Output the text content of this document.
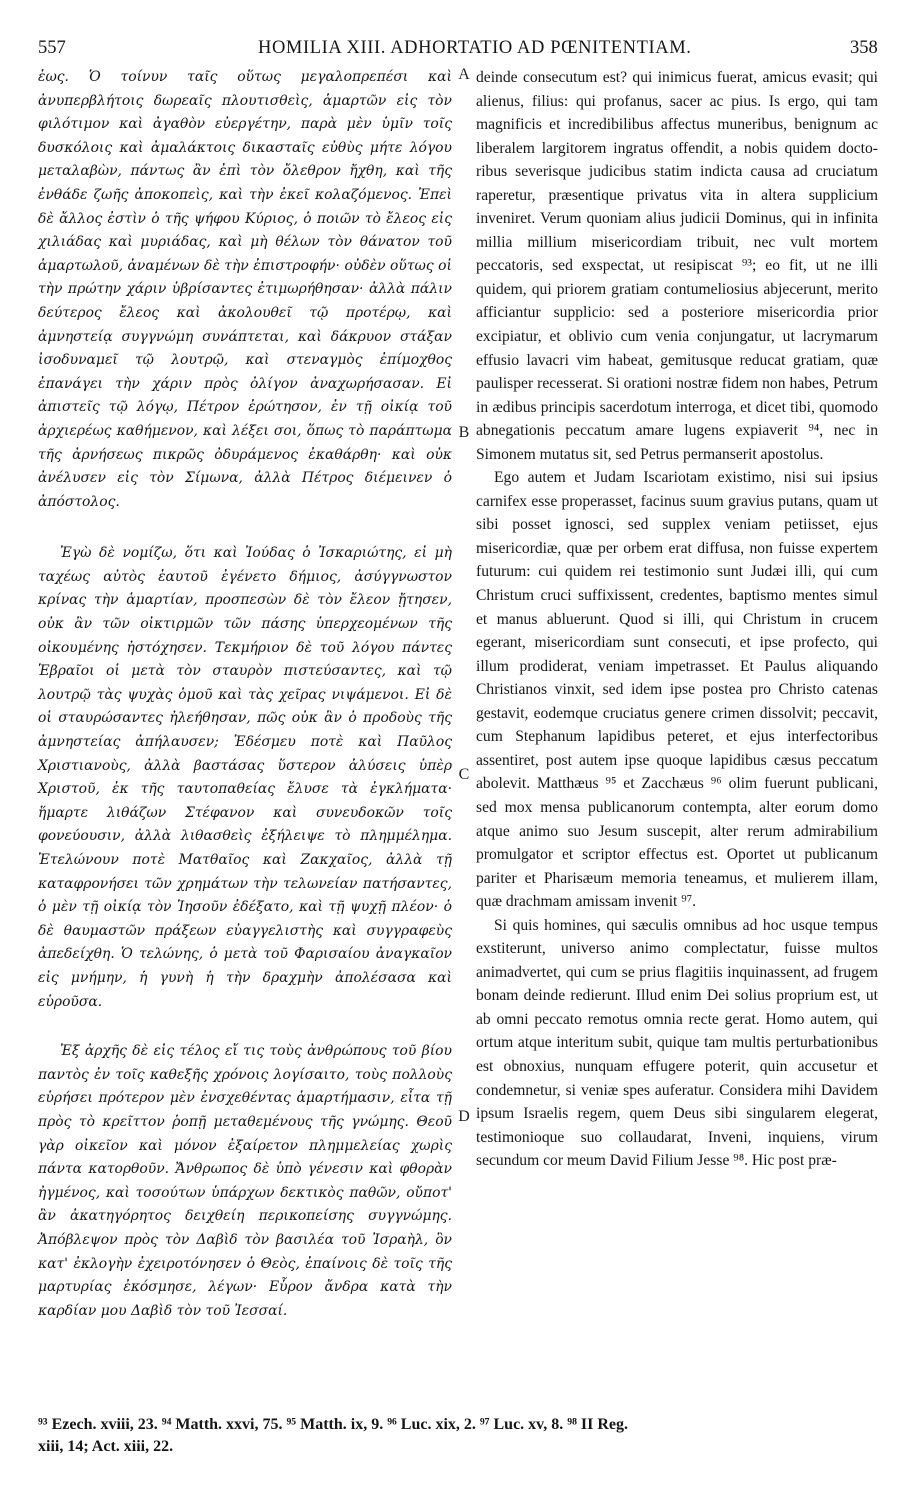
557	HOMILIA XIII. ADHORTATIO AD PŒNITENTIAM.	358

ἑως. Ὁ τοίνυν ταῖς οὕτως μεγαλοπρεπέσι καὶ ἀνυπερβλήτοις δωρεαῖς πλουτισθεὶς, ἁμαρτῶν εἰς τὸν φιλότιμον καὶ ἀγαθὸν εὐεργέτην, παρὰ μὲν ὑμῖν τοῖς δυσκόλοις καὶ ἀμαλάκτοις δικασταῖς εὐθὺς μήτε λόγου μεταλαβὼν, πάντως ἂν ἐπὶ τὸν ὄλεθρον ἤχθη, καὶ τῆς ἐνθάδε ζωῆς ἀποκοπεὶς, καὶ τὴν ἐκεῖ κολαζόμενος. Ἐπεὶ δὲ ἄλλος ἐστὶν ὁ τῆς ψήφου Κύριος, ὁ ποιῶν τὸ ἔλεος εἰς χιλιάδας καὶ μυριάδας, καὶ μὴ θέλων τὸν θάνατον τοῦ ἁμαρτωλοῦ, ἀναμένων δὲ τὴν ἐπιστροφήν· οὐδὲν οὕτως οἱ τὴν πρώτην χάριν ὑβρίσαντες ἐτιμωρήθησαν· ἀλλὰ πάλιν δεύτερος ἔλεος καὶ ἀκολουθεῖ τῷ προτέρῳ, καὶ ἀμνηστείᾳ συγγνώμη συνάπτεται, καὶ δάκρυον στάξαν ἰσοδυναμεῖ τῷ λουτρῷ, καὶ στεναγμὸς ἐπίμοχθος ἐπανάγει τὴν χάριν πρὸς ὀλίγον ἀναχωρήσασαν. Εἰ ἀπιστεῖς τῷ λόγῳ, Πέτρον ἐρώτησον, ἐν τῇ οἰκίᾳ τοῦ ἀρχιερέως καθήμενον, καὶ λέξει σοι, ὅπως τὸ παράπτωμα τῆς ἀρνήσεως πικρῶς ὀδυράμενος ἐκαθάρθη· καὶ οὐκ ἀνέλυσεν εἰς τὸν Σίμωνα, ἀλλὰ Πέτρος διέμεινεν ὁ ἀπόστολος.

Ἐγὼ δὲ νομίζω, ὅτι καὶ Ἰούδας ὁ Ἰσκαριώτης, εἰ μὴ ταχέως αὐτὸς ἑαυτοῦ ἐγένετο δήμιος, ἀσύγγνωστον κρίνας τὴν ἁμαρτίαν, προσπεσὼν δὲ τὸν ἔλεον ᾔτησεν, οὐκ ἂν τῶν οἰκτιρμῶν τῶν πάσης ὑπερχεομένων τῆς οἰκουμένης ἠστόχησεν. Τεκμήριον δὲ τοῦ λόγου πάντες Ἑβραῖοι οἱ μετὰ τὸν σταυρὸν πιστεύσαντες, καὶ τῷ λουτρῷ τὰς ψυχὰς ὁμοῦ καὶ τὰς χεῖρας νιψάμενοι. Εἰ δὲ οἱ σταυρώσαντες ἠλεήθησαν, πῶς οὐκ ἂν ὁ προδοὺς τῆς ἀμνηστείας ἀπήλαυσεν; Ἐδέσμευ ποτὲ καὶ Παῦλος Χριστιανοὺς, ἀλλὰ βαστάσας ὕστερον ἁλύσεις ὑπὲρ Χριστοῦ, ἐκ τῆς ταυτοπαθείας ἔλυσε τὰ ἐγκλήματα· ἥμαρτε λιθάζων Στέφανον καὶ συνευδοκῶν τοῖς φονεύουσιν, ἀλλὰ λιθασθεὶς ἐξήλειψε τὸ πλημμέλημα. Ἐτελώνουν ποτὲ Ματθαῖος καὶ Ζακχαῖος, ἀλλὰ τῇ καταφρονήσει τῶν χρημάτων τὴν τελωνείαν πατήσαντες, ὁ μὲν τῇ οἰκίᾳ τὸν Ἰησοῦν ἐδέξατο, καὶ τῇ ψυχῇ πλέον· ὁ δὲ θαυμαστῶν πράξεων εὐαγγελιστὴς καὶ συγγραφεὺς ἀπεδείχθη. Ὁ τελώνης, ὁ μετὰ τοῦ Φαρισαίου ἀναγκαῖον εἰς μνήμην, ἡ γυνὴ ἡ τὴν δραχμὴν ἀπολέσασα καὶ εὑροῦσα.

Ἐξ ἀρχῆς δὲ εἰς τέλος εἴ τις τοὺς ἀνθρώπους τοῦ βίου παντὸς ἐν τοῖς καθεξῆς χρόνοις λογίσαιτο, τοὺς πολλοὺς εὑρήσει πρότερον μὲν ἐνσχεθέντας ἁμαρτήμασιν, εἶτα τῇ πρὸς τὸ κρεῖττον ῥοπῇ μεταθεμένους τῆς γνώμης. Θεοῦ γὰρ οἰκεῖον καὶ μόνον ἐξαίρετον πλημμελείας χωρὶς πάντα κατορθοῦν. Ἄνθρωπος δὲ ὑπὸ γένεσιν καὶ φθορὰν ἠγμένος, καὶ τοσούτων ὑπάρχων δεκτικὸς παθῶν, οὔποτ' ἂν ἀκατηγόρητος δειχθείη περικοπείσης συγγνώμης. Ἀπόβλεψον πρὸς τὸν Δαβὶδ τὸν βασιλέα τοῦ Ἰσραὴλ, ὃν κατ' ἐκλογὴν ἐχειροτόνησεν ὁ Θεὸς, ἐπαίνοις δὲ τοῖς τῆς μαρτυρίας ἐκόσμησε, λέγων· Εὗρον ἄνδρα κατὰ τὴν καρδίαν μου Δαβὶδ τὸν τοῦ Ἰεσσαί.

A
B
C
D

deinde consecutum est? qui inimicus fuerat, amicus evasit; qui alienus, filius: qui profanus, sacer ac pius. Is ergo, qui tam magnificis et incredibilibus affectus muneribus, benignum ac liberalem largitorem ingratus offendit, a nobis quidem docto-ribus severisque judicibus statim indicta causa ad cruciatum raperetur, præsentique privatus vita in altera supplicium inveniret. Verum quoniam alius judicii Dominus, qui in infinita millia millium misericordiam tribuit, nec vult mortem peccatoris, sed exspectat, ut resipiscat ⁹³; eo fit, ut ne illi quidem, qui priorem gratiam contumeliosius abjecerunt, merito afficiantur supplicio: sed a posteriore misericordia prior excipiatur, et oblivio cum venia conjungatur, ut lacrymarum effusio lavacri vim habeat, gemitusque reducat gratiam, quæ paulisper recesserat. Si orationi nostræ fidem non habes, Petrum in ædibus principis sacerdotum interroga, et dicet tibi, quomodo abnegationis peccatum amare lugens expiaverit ⁹⁴, nec in Simonem mutatus sit, sed Petrus permanserit apostolus.

Ego autem et Judam Iscariotam existimo, nisi sui ipsius carnifex esse properasset, facinus suum gravius putans, quam ut sibi posset ignosci, sed supplex veniam petiisset, ejus misericordiæ, quæ per orbem erat diffusa, non fuisse expertem futurum: cui quidem rei testimonio sunt Judæi illi, qui cum Christum cruci suffixissent, credentes, baptismo mentes simul et manus abluerunt. Quod si illi, qui Christum in crucem egerant, misericordiam sunt consecuti, et ipse profecto, qui illum prodiderat, veniam impetrasset. Et Paulus aliquando Christianos vinxit, sed idem ipse postea pro Christo catenas gestavit, eodemque cruciatus genere crimen dissolvit; peccavit, cum Stephanum lapidibus peteret, et ejus interfectoribus assentiret, post autem ipse quoque lapidibus cæsus peccatum abolevit. Matthæus ⁹⁵ et Zacchæus ⁹⁶ olim fuerunt publicani, sed mox mensa publicanorum contempta, alter eorum domo atque animo suo Jesum suscepit, alter rerum admirabilium promulgator et scriptor effectus est. Oportet ut publicanum pariter et Pharisæum memoria teneamus, et mulierem illam, quæ drachmam amissam invenit ⁹⁷.

Si quis homines, qui sæculis omnibus ad hoc usque tempus exstiterunt, universo animo complectatur, fuisse multos animadvertet, qui cum se prius flagitiis inquinassent, ad frugem bonam deinde redierunt. Illud enim Dei solius proprium est, ut ab omni peccato remotus omnia recte gerat. Homo autem, qui ortum atque interitum subit, quique tam multis perturbationibus est obnoxius, nunquam effugere poterit, quin accusetur et condemnetur, si veniæ spes auferatur. Considera mihi Davidem ipsum Israelis regem, quem Deus sibi singularem elegerat, testimonioque suo collaudarat, Inveni, inquiens, virum secundum cor meum David Filium Jesse ⁹⁸. Hic post præ-

⁹³ Ezech. xviii, 23. ⁹⁴ Matth. xxvi, 75. ⁹⁵ Matth. ix, 9. ⁹⁶ Luc. xix, 2. ⁹⁷ Luc. xv, 8. ⁹⁸ II Reg.
xiii, 14; Act. xiii, 22.
